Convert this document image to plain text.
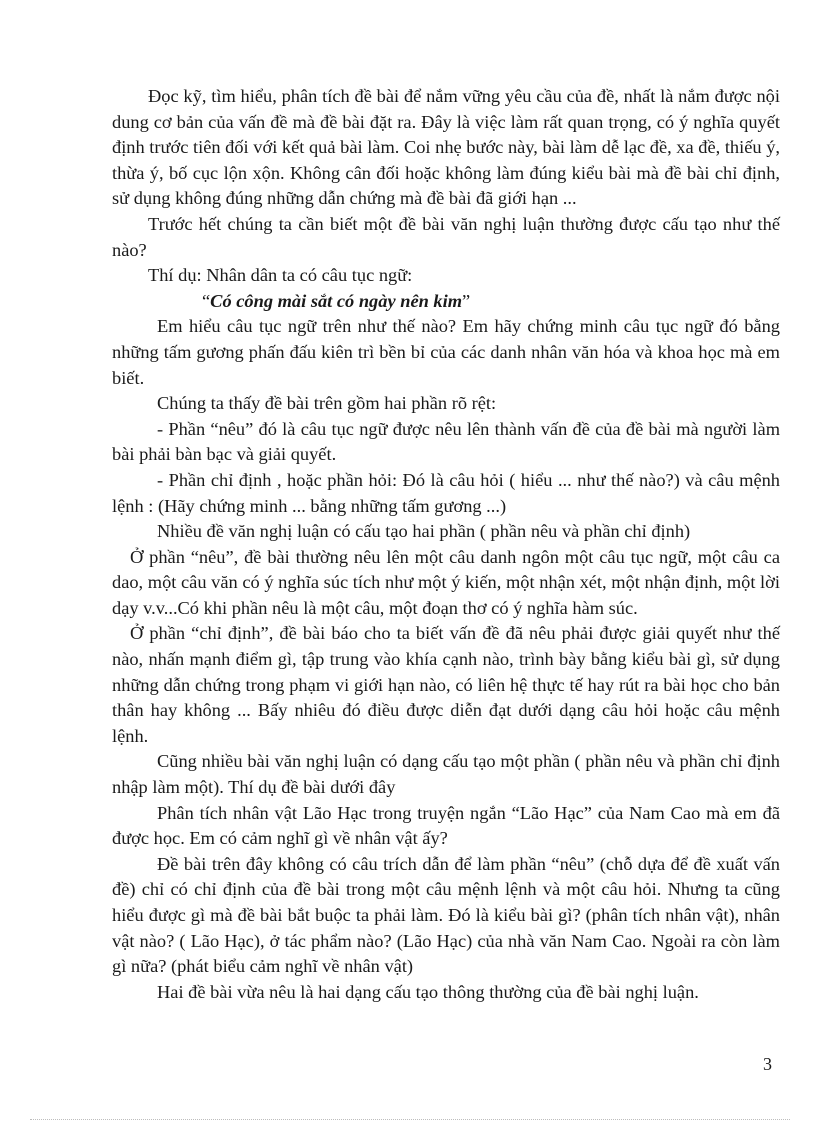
Đọc kỹ, tìm hiểu, phân tích đề bài để nắm vững yêu cầu của đề, nhất là nắm được nội dung cơ bản của vấn đề mà đề bài đặt ra. Đây là việc làm rất quan trọng, có ý nghĩa quyết định trước tiên đối với kết quả bài làm. Coi nhẹ bước này, bài làm dễ lạc đề, xa đề, thiếu ý, thừa ý, bố cục lộn xộn. Không cân đối hoặc không làm đúng kiểu bài mà đề bài chỉ định, sử dụng không đúng những dẫn chứng mà đề bài đã giới hạn ...

Trước hết chúng ta cần biết một đề bài văn nghị luận thường được cấu tạo như thế nào?

Thí dụ: Nhân dân ta có câu tục ngữ:

“Có công mài sắt có ngày nên kim”

Em hiểu câu tục ngữ trên như thế nào? Em hãy chứng minh câu tục ngữ đó bằng những tấm gương phấn đấu kiên trì bền bỉ của các danh nhân văn hóa và khoa học mà em biết.

Chúng ta thấy đề bài trên gồm hai phần rõ rệt:

- Phần “nêu” đó là câu tục ngữ được nêu lên thành vấn đề của đề bài mà người làm bài phải bàn bạc và giải quyết.

- Phần chỉ định , hoặc phần hỏi: Đó là câu hỏi ( hiểu ... như thế nào?) và câu mệnh lệnh : (Hãy chứng minh ... bằng những tấm gương ...)

Nhiều đề văn nghị luận có cấu tạo hai phần ( phần nêu và phần chỉ định)

Ở phần “nêu”, đề bài thường nêu lên một câu danh ngôn một câu tục ngữ, một câu ca dao, một câu văn có ý nghĩa súc tích như một ý kiến, một nhận xét, một nhận định, một lời dạy v.v...Có khi phần nêu là một câu, một đoạn thơ có ý nghĩa hàm súc.

Ở phần “chỉ định”, đề bài báo cho ta biết vấn đề đã nêu phải được giải quyết như thế nào, nhấn mạnh điểm gì, tập trung vào khía cạnh nào, trình bày bằng kiểu bài gì, sử dụng những dẫn chứng trong phạm vi giới hạn nào, có liên hệ thực tế hay rút ra bài học cho bản thân hay không ... Bấy nhiêu đó điều được diễn đạt dưới dạng câu hỏi hoặc câu mệnh lệnh.

Cũng nhiều bài văn nghị luận có dạng cấu tạo một phần ( phần nêu và phần chỉ định nhập làm một). Thí dụ đề bài dưới đây

Phân tích nhân vật Lão Hạc trong truyện ngắn “Lão Hạc” của Nam Cao mà em đã được học. Em có cảm nghĩ gì về nhân vật ấy?

Đề bài trên đây không có câu trích dẫn để làm phần “nêu” (chỗ dựa để đề xuất vấn đề) chỉ có chỉ định của đề bài trong một câu mệnh lệnh và một câu hỏi. Nhưng ta cũng hiểu được gì mà đề bài bắt buộc ta phải làm. Đó là kiểu bài gì? (phân tích nhân vật), nhân vật nào? ( Lão Hạc), ở tác phẩm nào? (Lão Hạc) của nhà văn Nam Cao. Ngoài ra còn làm gì nữa? (phát biểu cảm nghĩ về nhân vật)

Hai đề bài vừa nêu là hai dạng cấu tạo thông thường của đề bài nghị luận.

3
